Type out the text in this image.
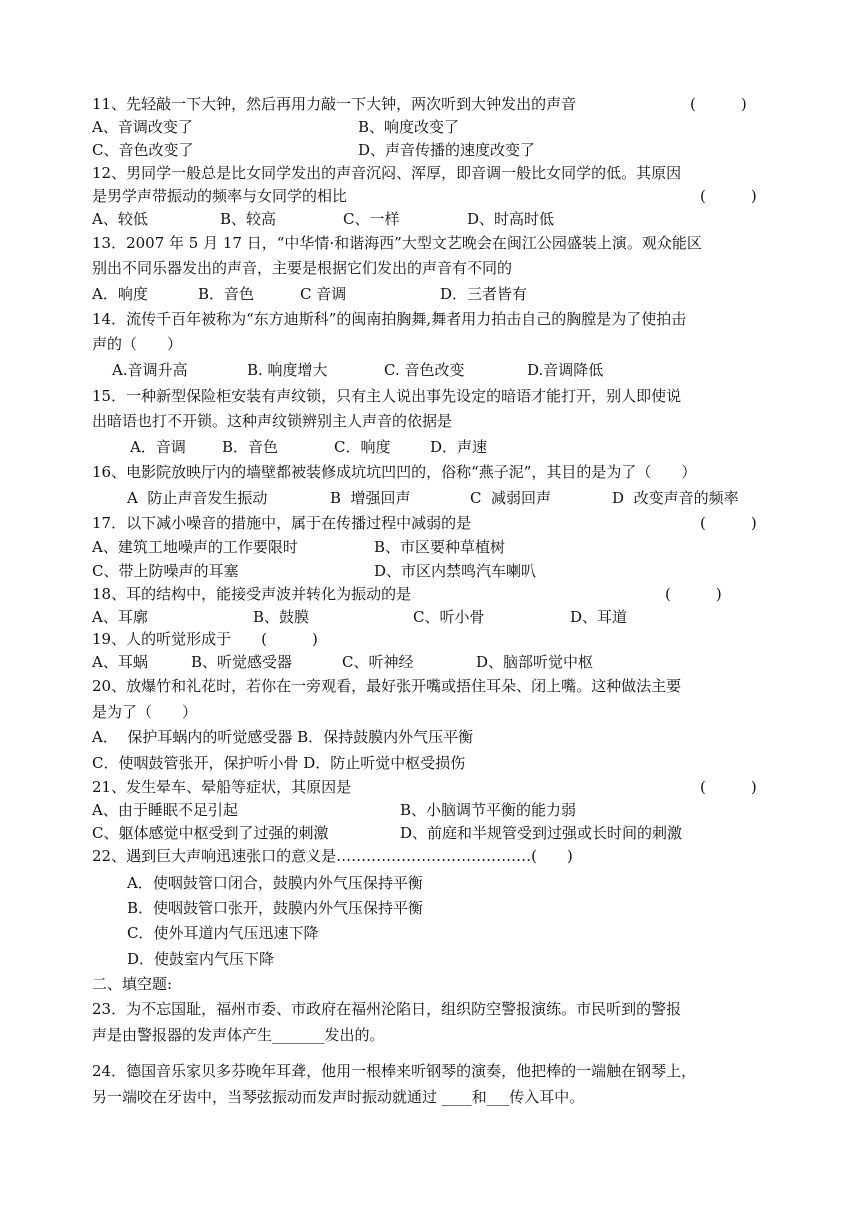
11、先轻敲一下大钟，然后再用力敲一下大钟，两次听到大钟发出的声音	(　　　)
A、音调改变了	B、响度改变了
C、音色改变了	D、声音传播的速度改变了
12、男同学一般总是比女同学发出的声音沉闷、浑厚，即音调一般比女同学的低。其原因
是男学声带振动的频率与女同学的相比	(　　　)
A、较低	B、较高	C、一样	D、时高时低
13．2007 年 5 月 17 日，“中华情·和谐海西”大型文艺晚会在闽江公园盛装上演。观众能区
别出不同乐器发出的声音，主要是根据它们发出的声音有不同的
A．响度	B．音色	C 音调	D．三者皆有
14．流传千百年被称为“东方迪斯科”的闽南拍胸舞,舞者用力拍击自己的胸膛是为了使拍击
声的（　　）
A.音调升高	B. 响度增大	C. 音色改变	D.音调降低
15．一种新型保险柜安装有声纹锁，只有主人说出事先设定的暗语才能打开，别人即使说
出暗语也打不开锁。这种声纹锁辨别主人声音的依据是
A．音调 B．音色	C．响度	D．声速
16、电影院放映厅内的墙壁都被装修成坑坑凹凹的，俗称“燕子泥”，其目的是为了（　　）
A  防止声音发生振动	B  增强回声	C  减弱回声	D  改变声音的频率
17．以下减小噪音的措施中，属于在传播过程中减弱的是	(　　　)
A、建筑工地噪声的工作要限时	B、市区要种草植树
C、带上防噪声的耳塞	D、市区内禁鸣汽车喇叭
18、耳的结构中，能接受声波并转化为振动的是	(　　　)
A、耳廓	B、鼓膜	C、听小骨	D、耳道
19、人的听觉形成于　　(　　　)
A、耳蜗	B、听觉感受器	C、听神经	D、脑部听觉中枢
20、放爆竹和礼花时，若你在一旁观看，最好张开嘴或捂住耳朵、闭上嘴。这种做法主要
是为了（　　）
A．  保护耳蜗内的听觉感受器 B．保持鼓膜内外气压平衡
C．使咽鼓管张开，保护听小骨 D．防止听觉中枢受损伤
21、发生晕车、晕船等症状，其原因是	(　　　)
A、由于睡眠不足引起	B、小脑调节平衡的能力弱
C、躯体感觉中枢受到了过强的刺激	D、前庭和半规管受到过强或长时间的刺激
22、遇到巨大声响迅速张口的意义是…………………………………(　　)
A．使咽鼓管口闭合，鼓膜内外气压保持平衡
B．使咽鼓管口张开，鼓膜内外气压保持平衡
C．使外耳道内气压迅速下降
D．使鼓室内气压下降
二、填空题:
23．为不忘国耻，福州市委、市政府在福州沦陷日，组织防空警报演练。市民听到的警报
声是由警报器的发声体产生_______发出的。
24．德国音乐家贝多芬晚年耳聋，他用一根棒来听钢琴的演奏，他把棒的一端触在钢琴上，
另一端咬在牙齿中，当琴弦振动而发声时振动就通过 ____和___传入耳中。
